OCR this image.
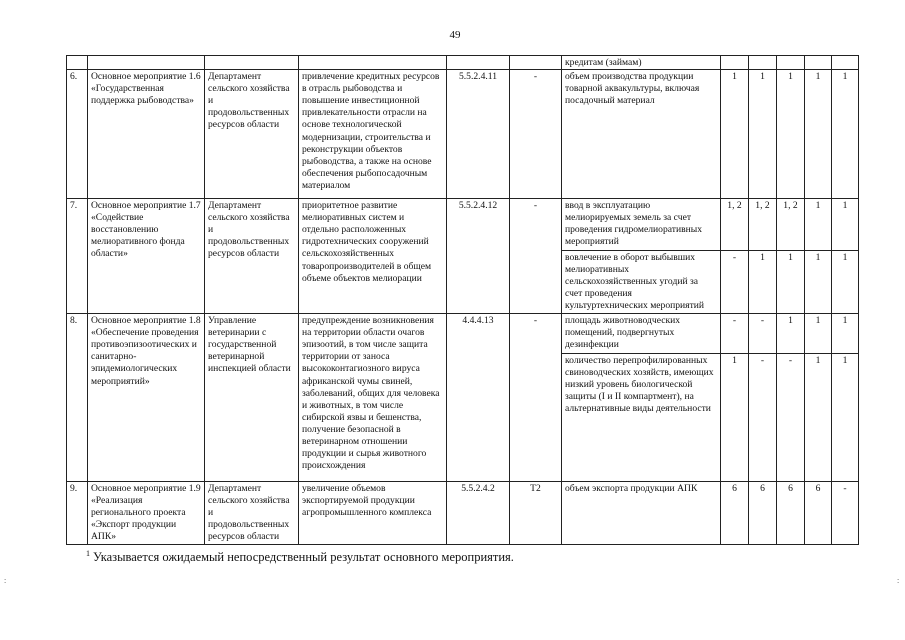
49
						кредитам (займам)					
6.	Основное мероприятие 1.6 «Государственная поддержка рыбоводства»	Департамент сельского хозяйства и продовольственных ресурсов области	привлечение кредитных ресурсов в отрасль рыбоводства и повышение инвестиционной привлекательности отрасли на основе технологической модернизации, строительства и реконструкции объектов рыбоводства, а также на основе обеспечения рыбопосадочным материалом	5.5.2.4.11	-	объем производства продукции товарной аквакультуры, включая посадочный материал	1	1	1	1	1
7.	Основное мероприятие 1.7 «Содействие восстановлению мелиоративного фонда области»	Департамент сельского хозяйства и продовольственных ресурсов области	приоритетное развитие мелиоративных систем и отдельно расположенных гидротехнических сооружений сельскохозяйственных товаропроизводителей в общем объеме объектов мелиорации	5.5.2.4.12	-	ввод в эксплуатацию мелиорируемых земель за счет проведения гидромелиоративных мероприятий	1, 2	1, 2	1, 2	1	1
						вовлечение в оборот выбывших мелиоративных сельскохозяйственных угодий за счет проведения культуртехнических мероприятий	-	1	1	1	1
8.	Основное мероприятие 1.8 «Обеспечение проведения противоэпизоотических и санитарно-эпидемиологических мероприятий»	Управление ветеринарии с государственной ветеринарной инспекцией области	предупреждение возникновения на территории области очагов эпизоотий, в том числе защита территории от заноса высококонтагиозного вируса африканской чумы свиней, заболеваний, общих для человека и животных, в том числе сибирской язвы и бешенства, получение безопасной в ветеринарном отношении продукции и сырья животного происхождения	4.4.4.13	-	площадь животноводческих помещений, подвергнутых дезинфекции	-	-	1	1	1
						количество перепрофилированных свиноводческих хозяйств, имеющих низкий уровень биологической защиты (I и II компартмент), на альтернативные виды деятельности	1	-	-	1	1
9.	Основное мероприятие 1.9 «Реализация регионального проекта «Экспорт продукции АПК»	Департамент сельского хозяйства и продовольственных ресурсов области	увеличение объемов экспортируемой продукции агропромышленного комплекса	5.5.2.4.2	Т2	объем экспорта продукции АПК	6	6	6	6	-
$^1$ Указывается ожидаемый непосредственный результат основного мероприятия.
:	:
